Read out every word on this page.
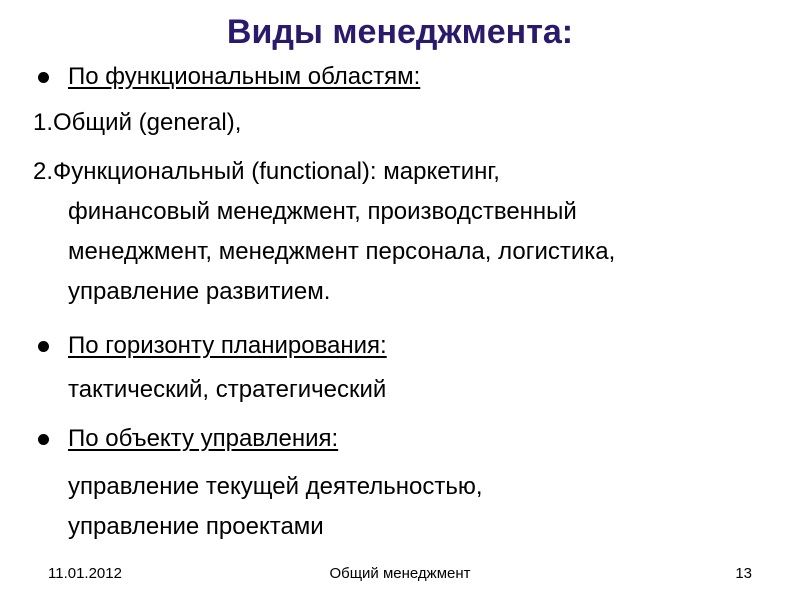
Виды менеджмента:
По функциональным областям:
1.Общий (general),
2.Функциональный (functional): маркетинг,
финансовый менеджмент, производственный
менеджмент, менеджмент персонала, логистика,
управление развитием.
По горизонту планирования:
тактический, стратегический
По объекту управления:
управление текущей деятельностью,
управление проектами
11.01.2012	Общий менеджмент	13
